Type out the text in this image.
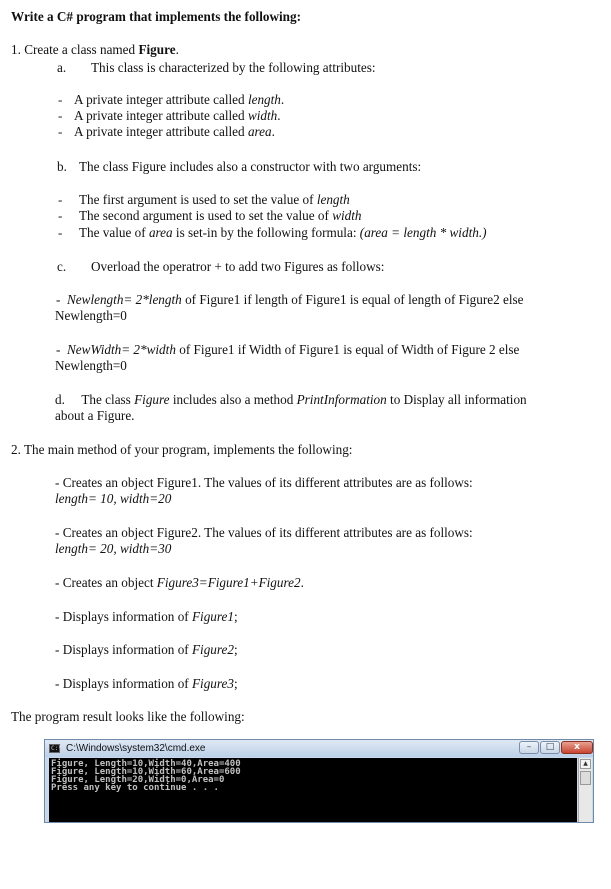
Write a C# program that implements the following:
1. Create a class named Figure.
a. This class is characterized by the following attributes:
- A private integer attribute called length.
- A private integer attribute called width.
- A private integer attribute called area.
b. The class Figure includes also a constructor with two arguments:
- The first argument is used to set the value of length
- The second argument is used to set the value of width
- The value of area is set-in by the following formula: (area = length * width.)
c. Overload the operatror + to add two Figures as follows:
- Newlength= 2*length of Figure1 if length of Figure1 is equal of length of Figure2 else
Newlength=0
- NewWidth= 2*width of Figure1 if Width of Figure1 is equal of Width of Figure 2 else
Newlength=0
d. The class Figure includes also a method PrintInformation to Display all information
about a Figure.
2. The main method of your program, implements the following:
- Creates an object Figure1. The values of its different attributes are as follows:
length= 10, width=20
- Creates an object Figure2. The values of its different attributes are as follows:
length= 20, width=30
- Creates an object Figure3=Figure1+Figure2.
- Displays information of Figure1;
- Displays information of Figure2;
- Displays information of Figure3;
The program result looks like the following:
C:\ C:\Windows\system32\cmd.exe	–	□	x
Figure, Length=10,Width=40,Area=400
Figure, Length=10,Width=60,Area=600
Figure, Length=20,Width=0,Area=0
Press any key to continue . . .
▲
